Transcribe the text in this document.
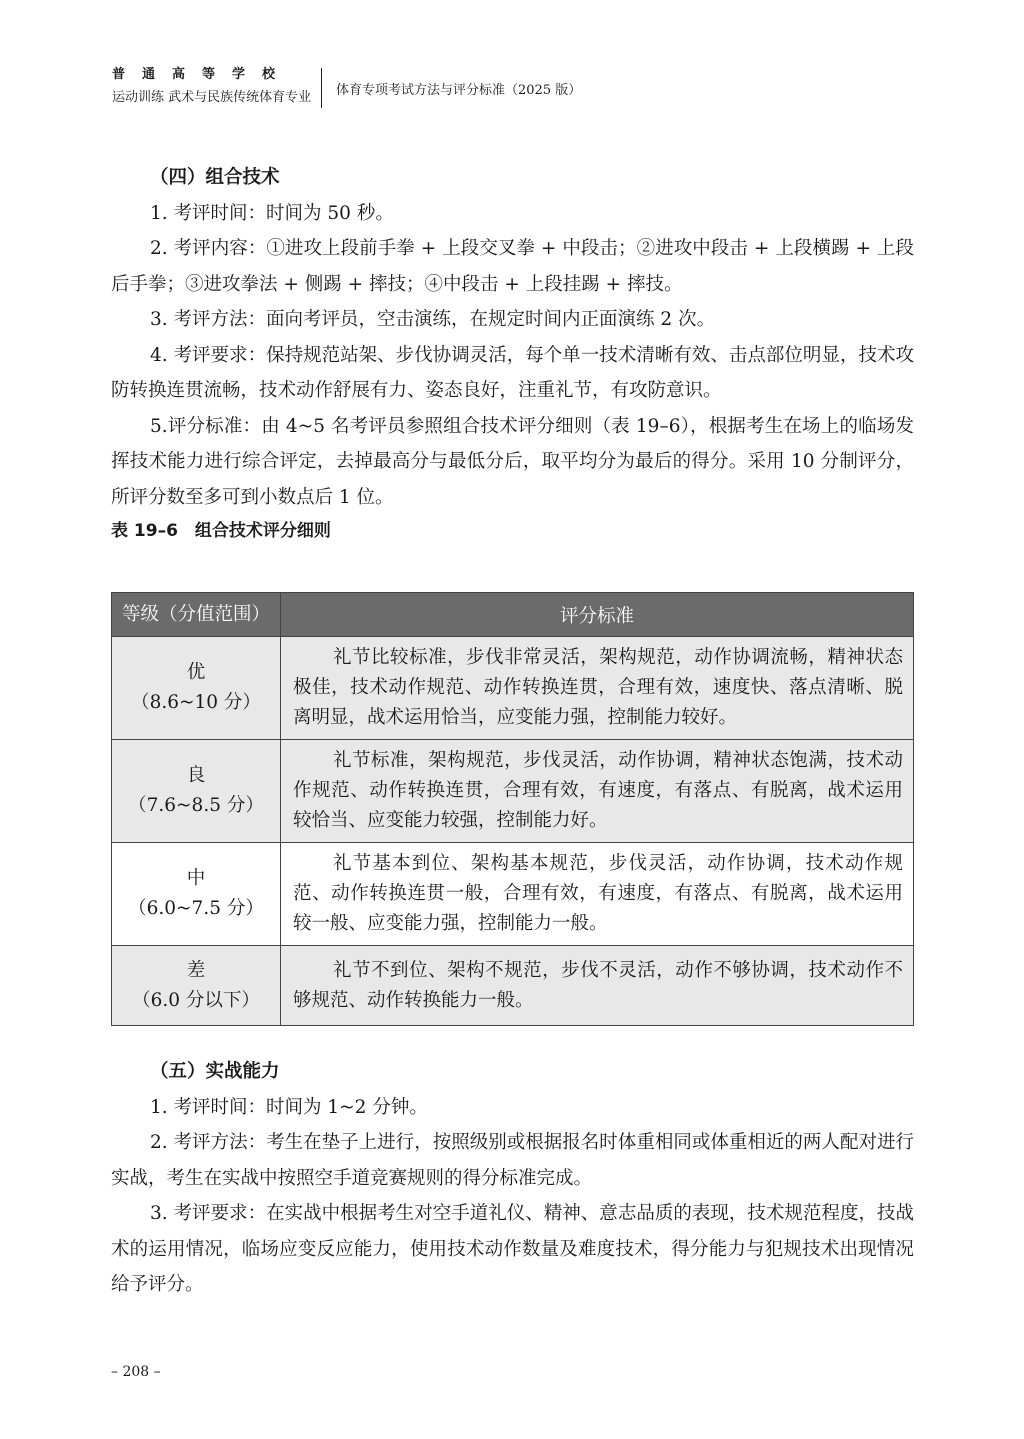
普通高等学校
运动训练 武术与民族传统体育专业 体育专项考试方法与评分标准（2025 版）

（四）组合技术

1. 考评时间：时间为 50 秒。

2. 考评内容：①进攻上段前手拳 + 上段交叉拳 + 中段击；②进攻中段击 + 上段横踢 + 上段后手拳；③进攻拳法 + 侧踢 + 摔技；④中段击 + 上段挂踢 + 摔技。

3. 考评方法：面向考评员，空击演练，在规定时间内正面演练 2 次。

4. 考评要求：保持规范站架、步伐协调灵活，每个单一技术清晰有效、击点部位明显，技术攻防转换连贯流畅，技术动作舒展有力、姿态良好，注重礼节，有攻防意识。

5.评分标准：由 4~5 名考评员参照组合技术评分细则（表 19–6），根据考生在场上的临场发挥技术能力进行综合评定，去掉最高分与最低分后，取平均分为最后的得分。采用 10 分制评分，所评分数至多可到小数点后 1 位。

表 19–6　组合技术评分细则

等级（分值范围）	评分标准

优
（8.6~10 分）	礼节比较标准，步伐非常灵活，架构规范，动作协调流畅，精神状态极佳，技术动作规范、动作转换连贯，合理有效，速度快、落点清晰、脱离明显，战术运用恰当，应变能力强，控制能力较好。

良
（7.6~8.5 分）	礼节标准，架构规范，步伐灵活，动作协调，精神状态饱满，技术动作规范、动作转换连贯，合理有效，有速度，有落点、有脱离，战术运用较恰当、应变能力较强，控制能力好。

中
（6.0~7.5 分）	礼节基本到位、架构基本规范，步伐灵活，动作协调，技术动作规范、动作转换连贯一般，合理有效，有速度，有落点、有脱离，战术运用较一般、应变能力强，控制能力一般。

差
（6.0 分以下）	礼节不到位、架构不规范，步伐不灵活，动作不够协调，技术动作不够规范、动作转换能力一般。

（五）实战能力

1. 考评时间：时间为 1~2 分钟。

2. 考评方法：考生在垫子上进行，按照级别或根据报名时体重相同或体重相近的两人配对进行实战，考生在实战中按照空手道竞赛规则的得分标准完成。

3. 考评要求：在实战中根据考生对空手道礼仪、精神、意志品质的表现，技术规范程度，技战术的运用情况，临场应变反应能力，使用技术动作数量及难度技术，得分能力与犯规技术出现情况给予评分。

– 208 –
